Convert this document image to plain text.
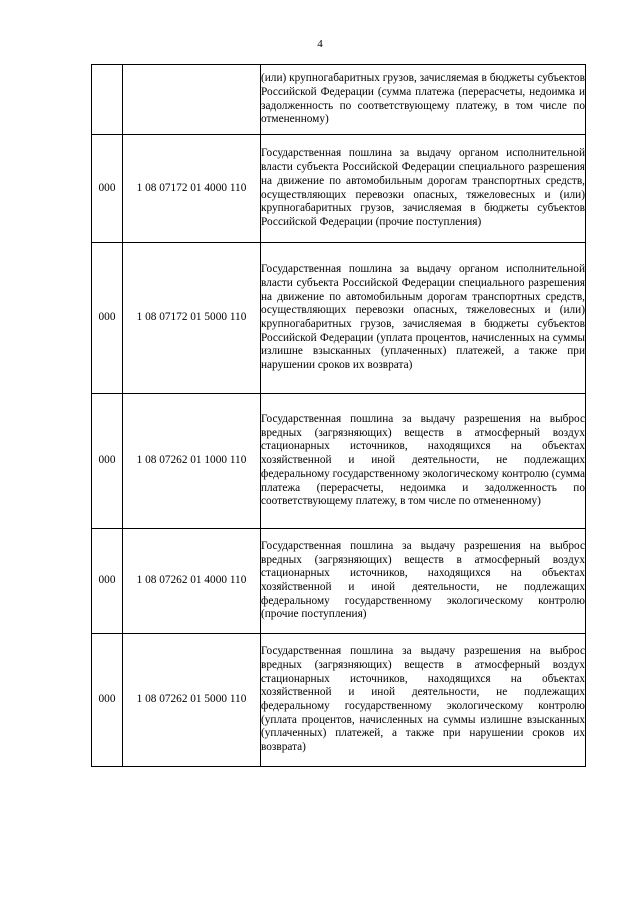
4
		(или) крупногабаритных грузов, зачисляемая в бюджеты субъектов Российской Федерации (сумма платежа (перерасчеты, недоимка и задолженность по соответствующему платежу, в том числе по отмененному)
000	1 08 07172 01 4000 110	Государственная пошлина за выдачу органом исполнительной власти субъекта Российской Федерации специального разрешения на движение по автомобильным дорогам транспортных средств, осуществляющих перевозки опасных, тяжеловесных и (или) крупногабаритных грузов, зачисляемая в бюджеты субъектов Российской Федерации (прочие поступления)
000	1 08 07172 01 5000 110	Государственная пошлина за выдачу органом исполнительной власти субъекта Российской Федерации специального разрешения на движение по автомобильным дорогам транспортных средств, осуществляющих перевозки опасных, тяжеловесных и (или) крупногабаритных грузов, зачисляемая в бюджеты субъектов Российской Федерации (уплата процентов, начисленных на суммы излишне взысканных (уплаченных) платежей, а также при нарушении сроков их возврата)
000	1 08 07262 01 1000 110	Государственная пошлина за выдачу разрешения на выброс вредных (загрязняющих) веществ в атмосферный воздух стационарных источников, находящихся на объектах хозяйственной и иной деятельности, не подлежащих федеральному государственному экологическому контролю (сумма платежа (перерасчеты, недоимка и задолженность по соответствующему платежу, в том числе по отмененному)
000	1 08 07262 01 4000 110	Государственная пошлина за выдачу разрешения на выброс вредных (загрязняющих) веществ в атмосферный воздух стационарных источников, находящихся на объектах хозяйственной и иной деятельности, не подлежащих федеральному государственному экологическому контролю (прочие поступления)
000	1 08 07262 01 5000 110	Государственная пошлина за выдачу разрешения на выброс вредных (загрязняющих) веществ в атмосферный воздух стационарных источников, находящихся на объектах хозяйственной и иной деятельности, не подлежащих федеральному государственному экологическому контролю (уплата процентов, начисленных на суммы излишне взысканных (уплаченных) платежей, а также при нарушении сроков их возврата)
